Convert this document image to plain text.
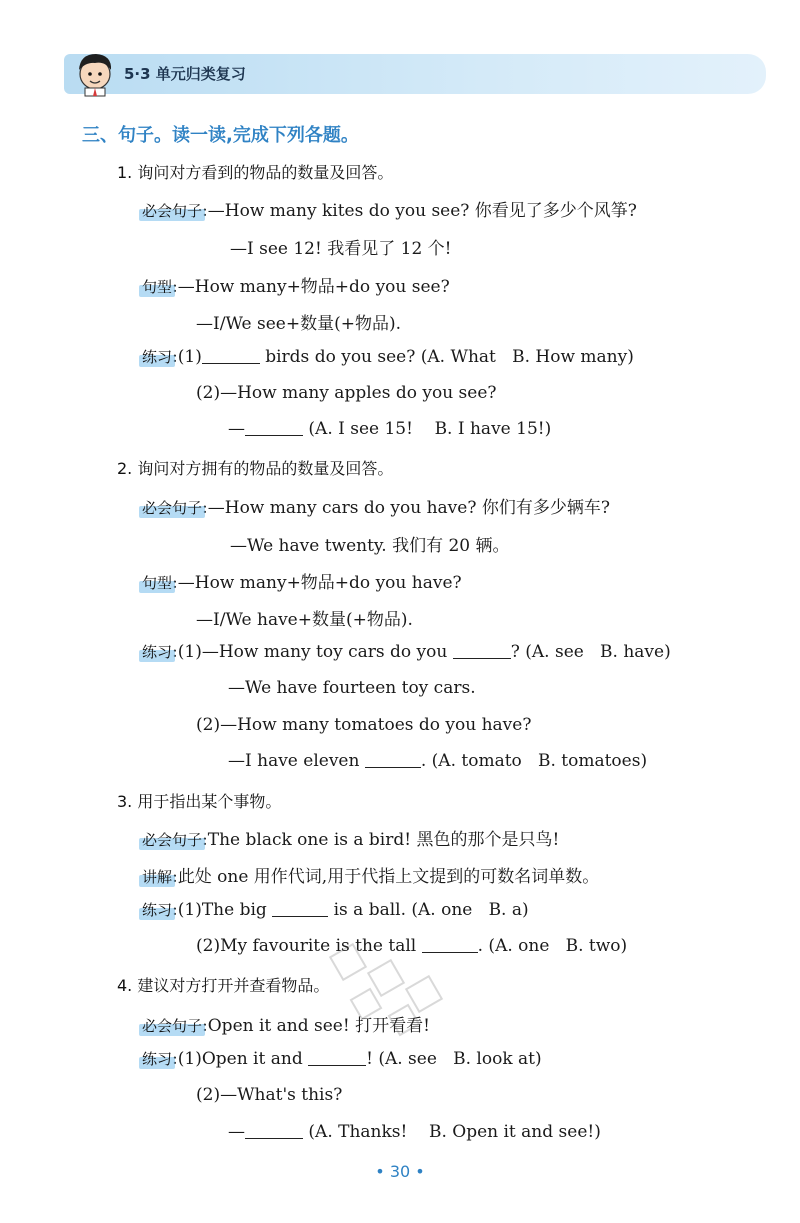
5·3 单元归类复习
三、句子。读一读,完成下列各题。
1. 询问对方看到的物品的数量及回答。
必会句子:—How many kites do you see? 你看见了多少个风筝?
—I see 12! 我看见了 12 个!
句型:—How many+物品+do you see?
—I/We see+数量(+物品).
练习:(1)	birds do you see? (A. What   B. How many)
(2)—How many apples do you see?
—	(A. I see 15!    B. I have 15!)
2. 询问对方拥有的物品的数量及回答。
必会句子:—How many cars do you have? 你们有多少辆车?
—We have twenty. 我们有 20 辆。
句型:—How many+物品+do you have?
—I/We have+数量(+物品).
练习:(1)—How many toy cars do you	? (A. see   B. have)
—We have fourteen toy cars.
(2)—How many tomatoes do you have?
—I have eleven	. (A. tomato   B. tomatoes)
3. 用于指出某个事物。
必会句子:The black one is a bird! 黑色的那个是只鸟!
讲解:此处 one 用作代词,用于代指上文提到的可数名词单数。
练习:(1)The big	is a ball. (A. one   B. a)
(2)My favourite is the tall	. (A. one   B. two)
4. 建议对方打开并查看物品。
必会句子:Open it and see! 打开看看!
练习:(1)Open it and	! (A. see   B. look at)
(2)—What's this?
—	(A. Thanks!    B. Open it and see!)
• 30 •
